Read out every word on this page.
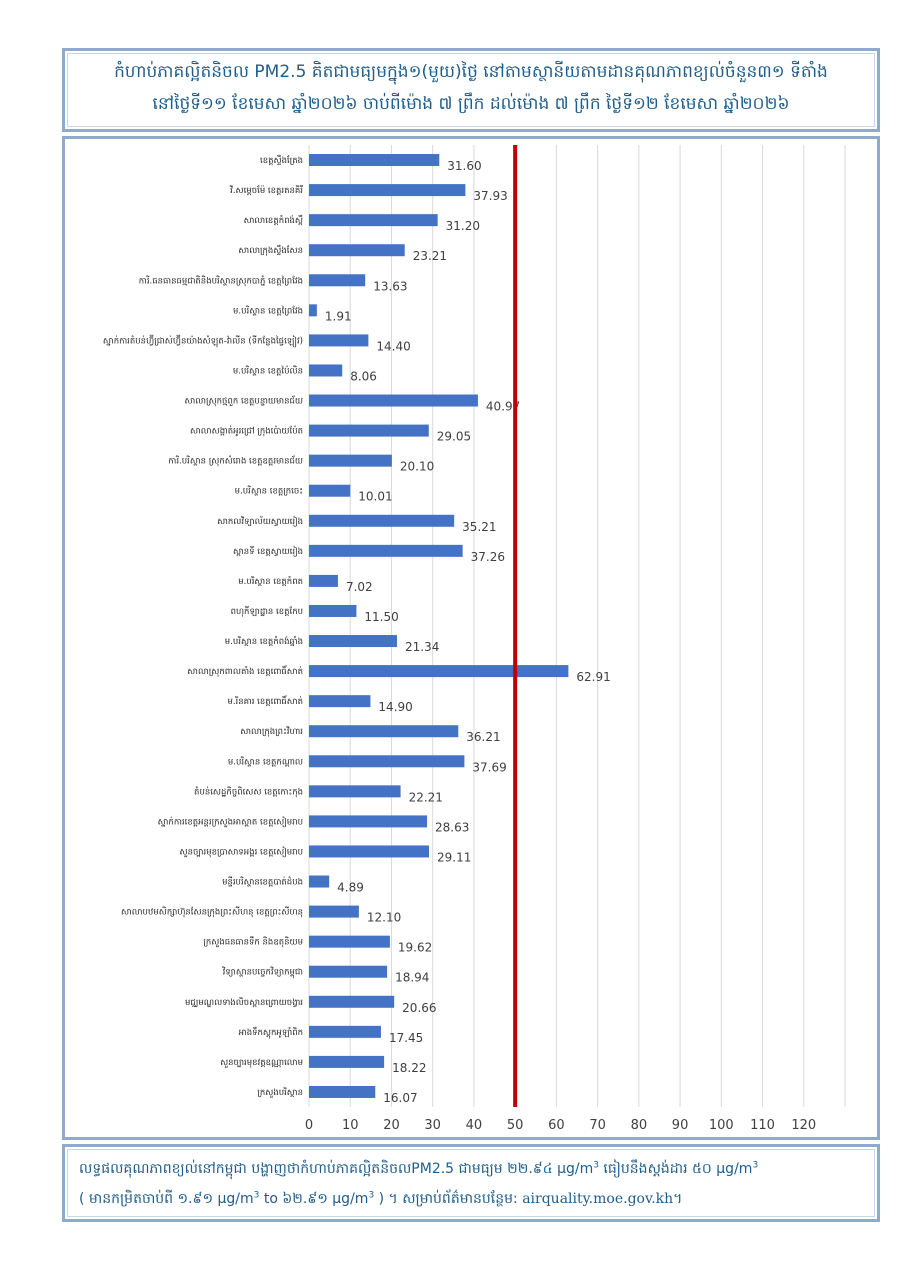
កំហាប់ភាគល្អិតនិចល PM2.5 គិតជាមធ្យមក្នុង១(មួយ)ថ្ងៃ នៅតាមស្ថានីយតាមដានគុណភាពខ្យល់ចំនួន៣១ ទីតាំង
នៅថ្ងៃទី១១ ខែមេសា ឆ្នាំ២០២៦ ចាប់ពីម៉ោង ៧ ព្រឹក ដល់ម៉ោង ៧ ព្រឹក ថ្ងៃទី១២ ខែមេសា ឆ្នាំ២០២៦
0 10 20 30 40 50 60 70 80 90 100 110 120
ខេត្តស្ទឹងត្រែង	31.60
វិ.សម្តេចម៉ែ ខេត្តរតនគិរី	37.93
សាលាខេត្តកំពង់ស្ពឺ	31.20
សាលាក្រុងស្ទឹងសែន	23.21
ការិ.ធនធានធម្មជាតិនិងបរិស្ថានស្រុកបាភ្នំ ខេត្តព្រៃវែង	13.63
ម.បរិស្ថាន ខេត្តព្រៃវែង 1.91
ស្នាក់ការតំបន់ហ្វ៊ីជ្រាស់ហ្វ៊ីនយ៉ាងសំឡុត-វ៉ាលីន (ទីកន្លែងផ្ទៃឡៀវ)	14.40
ម.បរិស្ថាន ខេត្តប៉ៃលិន	8.06
សាលាស្រុកថ្មពួក ខេត្តបន្ទាយមានជ័យ	40.97
សាលាសង្កាត់អូរជ្រៅ ក្រុងប៉ោយប៉ែត	29.05
ការិ.បរិស្ថាន ស្រុកសំរោង ខេត្តឧត្តរមានជ័យ	20.10
ម.បរិស្ថាន ខេត្តក្រចេះ	10.01
សាកលវិទ្យាល័យស្វាយរៀង	35.21
ស្ពានទី ខេត្តស្វាយរៀង	37.26
ម.បរិស្ថាន ខេត្តកំពត	7.02
ពហុកីឡាដ្ឋាន ខេត្តកែប	11.50
ម.បរិស្ថាន ខេត្តកំពង់ឆ្នាំង	21.34
សាលាស្រុកពាលតាំង ខេត្តពោធិ៍សាត់	62.91
ម.រិនគារ ខេត្តពោធិ៍សាត់	14.90
សាលាក្រុងព្រះវិហារ	36.21
ម.បរិស្ថាន ខេត្តកណ្តាល	37.69
តំបន់សេដ្ឋកិច្ចពិសេស ខេត្តកោះកុង	22.21
ស្នាក់ការខេត្តអន្តរក្រសួងអាស្ពាត ខេត្តសៀមរាប	28.63
សួនច្បារមុខប្រាសាទអង្គរ ខេត្តសៀមរាប	29.11
មន្ទីរបរិស្ថានខេត្តបាត់ដំបង	4.89
សាលាបឋមសិក្សាហ៊ុនសែនក្រុងព្រះសីហនុ ខេត្តព្រះសីហនុ	12.10
ក្រសួងធនធានទឹក និងឧតុនិយម	19.62
វិទ្យាស្ថានបច្ចេកវិទ្យាកម្ពុជា	18.94
មជ្ឈមណ្ឌលទាងលិចស្ពានព្រោយចង្វារ	20.66
អាងទឹកស្តុកអូឡាំពិក	17.45
សួនច្បារមុខវត្តឧណ្ណាលោម	18.22
ក្រសួងបរិស្ថាន	16.07
លទ្ធផលគុណភាពខ្យល់នៅកម្ពុជា បង្ហាញថាកំហាប់ភាគល្អិតនិចលPM2.5 ជាមធ្យម ២២.៩៤ $\mu g/m^3$ ធៀបនឹងស្តង់ដារ ៥០ $\mu g/m^3$
( មានកម្រិតចាប់ពី ១.៩១ $\mu g/m^3$ to ៦២.៩១ $\mu g/m^3$ ) ។ សម្រាប់ព័ត៌មានបន្ថែម: airquality.moe.gov.kh។
